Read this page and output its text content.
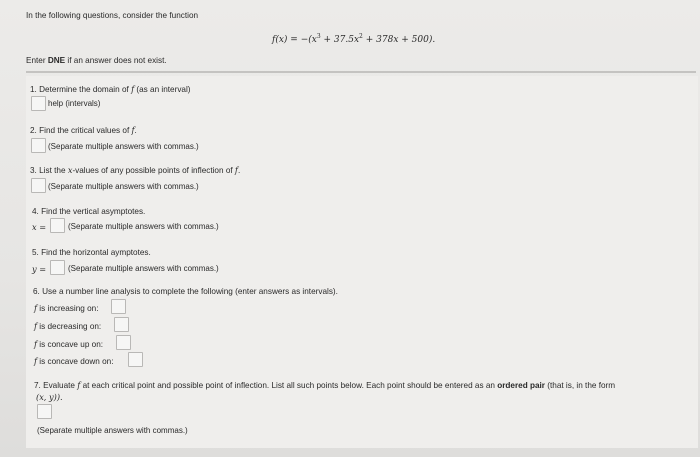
In the following questions, consider the function
$f(x) = -(x^3 + 37.5x^2 + 378x + 500)$.
Enter DNE if an answer does not exist.
1. Determine the domain of f (as an interval)
help (intervals)
2. Find the critical values of f.
(Separate multiple answers with commas.)
3. List the x-values of any possible points of inflection of f.
(Separate multiple answers with commas.)
4. Find the vertical asymptotes.
x =	(Separate multiple answers with commas.)
5. Find the horizontal aymptotes.
y =	(Separate multiple answers with commas.)
6. Use a number line analysis to complete the following (enter answers as intervals).
f is increasing on:
f is decreasing on:
f is concave up on:
f is concave down on:
7. Evaluate f at each critical point and possible point of inflection. List all such points below. Each point should be entered as an ordered pair (that is, in the form
(x, y)).
(Separate multiple answers with commas.)
